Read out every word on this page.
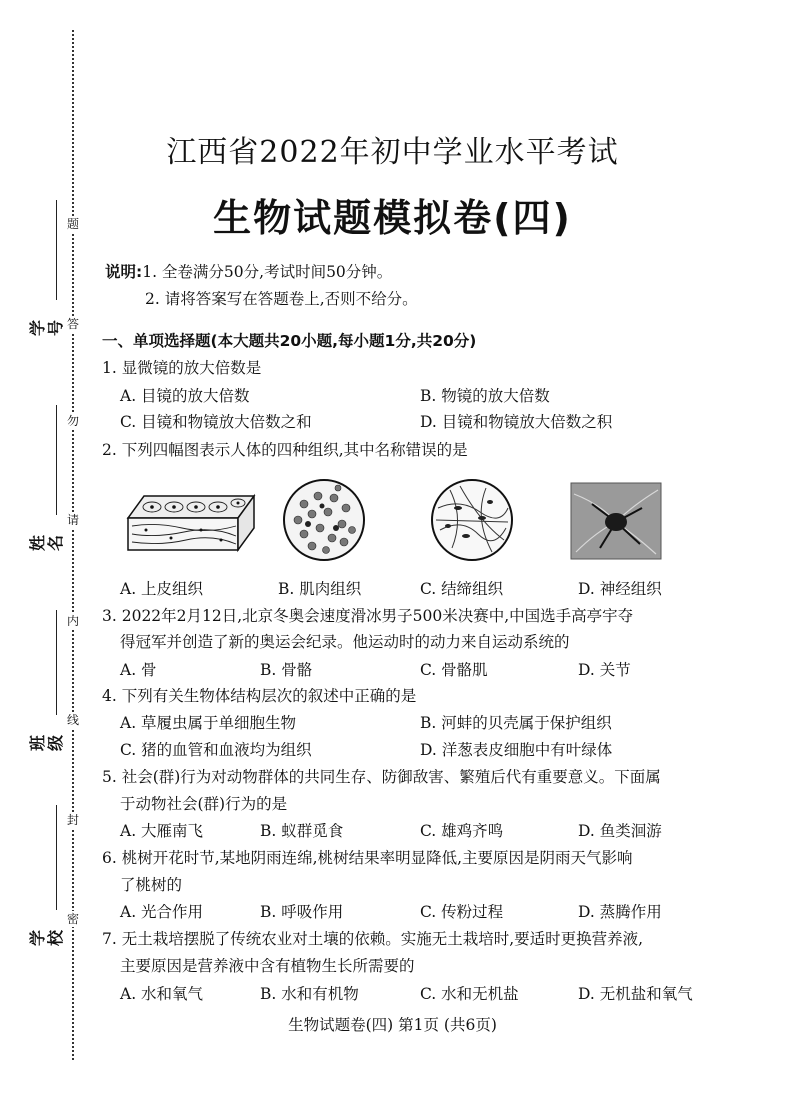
题
答
勿
请
内
线
封
密
学号
姓名
班级
学校
江西省2022年初中学业水平考试
生物试题模拟卷(四)
说明:1. 全卷满分50分,考试时间50分钟。
2. 请将答案写在答题卷上,否则不给分。
一、单项选择题(本大题共20小题,每小题1分,共20分)
1. 显微镜的放大倍数是
A. 目镜的放大倍数	B. 物镜的放大倍数
C. 目镜和物镜放大倍数之和	D. 目镜和物镜放大倍数之积
2. 下列四幅图表示人体的四种组织,其中名称错误的是
A. 上皮组织	B. 肌肉组织	C. 结缔组织	D. 神经组织
3. 2022年2月12日,北京冬奥会速度滑冰男子500米决赛中,中国选手高亭宇夺
得冠军并创造了新的奥运会纪录。他运动时的动力来自运动系统的
A. 骨	B. 骨骼	C. 骨骼肌	D. 关节
4. 下列有关生物体结构层次的叙述中正确的是
A. 草履虫属于单细胞生物	B. 河蚌的贝壳属于保护组织
C. 猪的血管和血液均为组织	D. 洋葱表皮细胞中有叶绿体
5. 社会(群)行为对动物群体的共同生存、防御敌害、繁殖后代有重要意义。下面属
于动物社会(群)行为的是
A. 大雁南飞	B. 蚁群觅食	C. 雄鸡齐鸣	D. 鱼类洄游
6. 桃树开花时节,某地阴雨连绵,桃树结果率明显降低,主要原因是阴雨天气影响
了桃树的
A. 光合作用	B. 呼吸作用	C. 传粉过程	D. 蒸腾作用
7. 无土栽培摆脱了传统农业对土壤的依赖。实施无土栽培时,要适时更换营养液,
主要原因是营养液中含有植物生长所需要的
A. 水和氧气	B. 水和有机物	C. 水和无机盐	D. 无机盐和氧气
生物试题卷(四) 第1页 (共6页)
